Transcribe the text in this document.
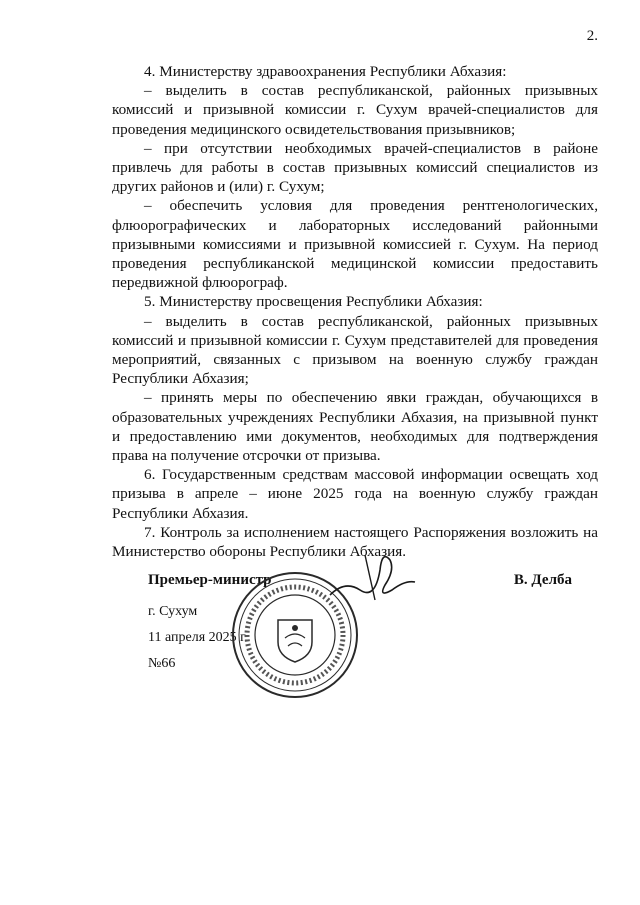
2.

4. Министерству здравоохранения Республики Абхазия:

– выделить в состав республиканской, районных призывных комиссий и призывной комиссии г. Сухум врачей-специалистов для проведения медицинского освидетельствования призывников;

– при отсутствии необходимых врачей-специалистов в районе привлечь для работы в состав призывных комиссий специалистов из других районов и (или) г. Сухум;

– обеспечить условия для проведения рентгенологических, флюорографических и лабораторных исследований районными призывными комиссиями и призывной комиссией г. Сухум. На период проведения республиканской медицинской комиссии предоставить передвижной флюорограф.

5. Министерству просвещения Республики Абхазия:

– выделить в состав республиканской, районных призывных комиссий и призывной комиссии г. Сухум представителей для проведения мероприятий, связанных с призывом на военную службу граждан Республики Абхазия;

– принять меры по обеспечению явки граждан, обучающихся в образовательных учреждениях Республики Абхазия, на призывной пункт и предоставлению ими документов, необходимых для подтверждения права на получение отсрочки от призыва.

6. Государственным средствам массовой информации освещать ход призыва в апреле – июне 2025 года на военную службу граждан Республики Абхазия.

7. Контроль за исполнением настоящего Распоряжения возложить на Министерство обороны Республики Абхазия.

Премьер-министр	В. Делба
г. Сухум
11 апреля 2025 г.
№66
